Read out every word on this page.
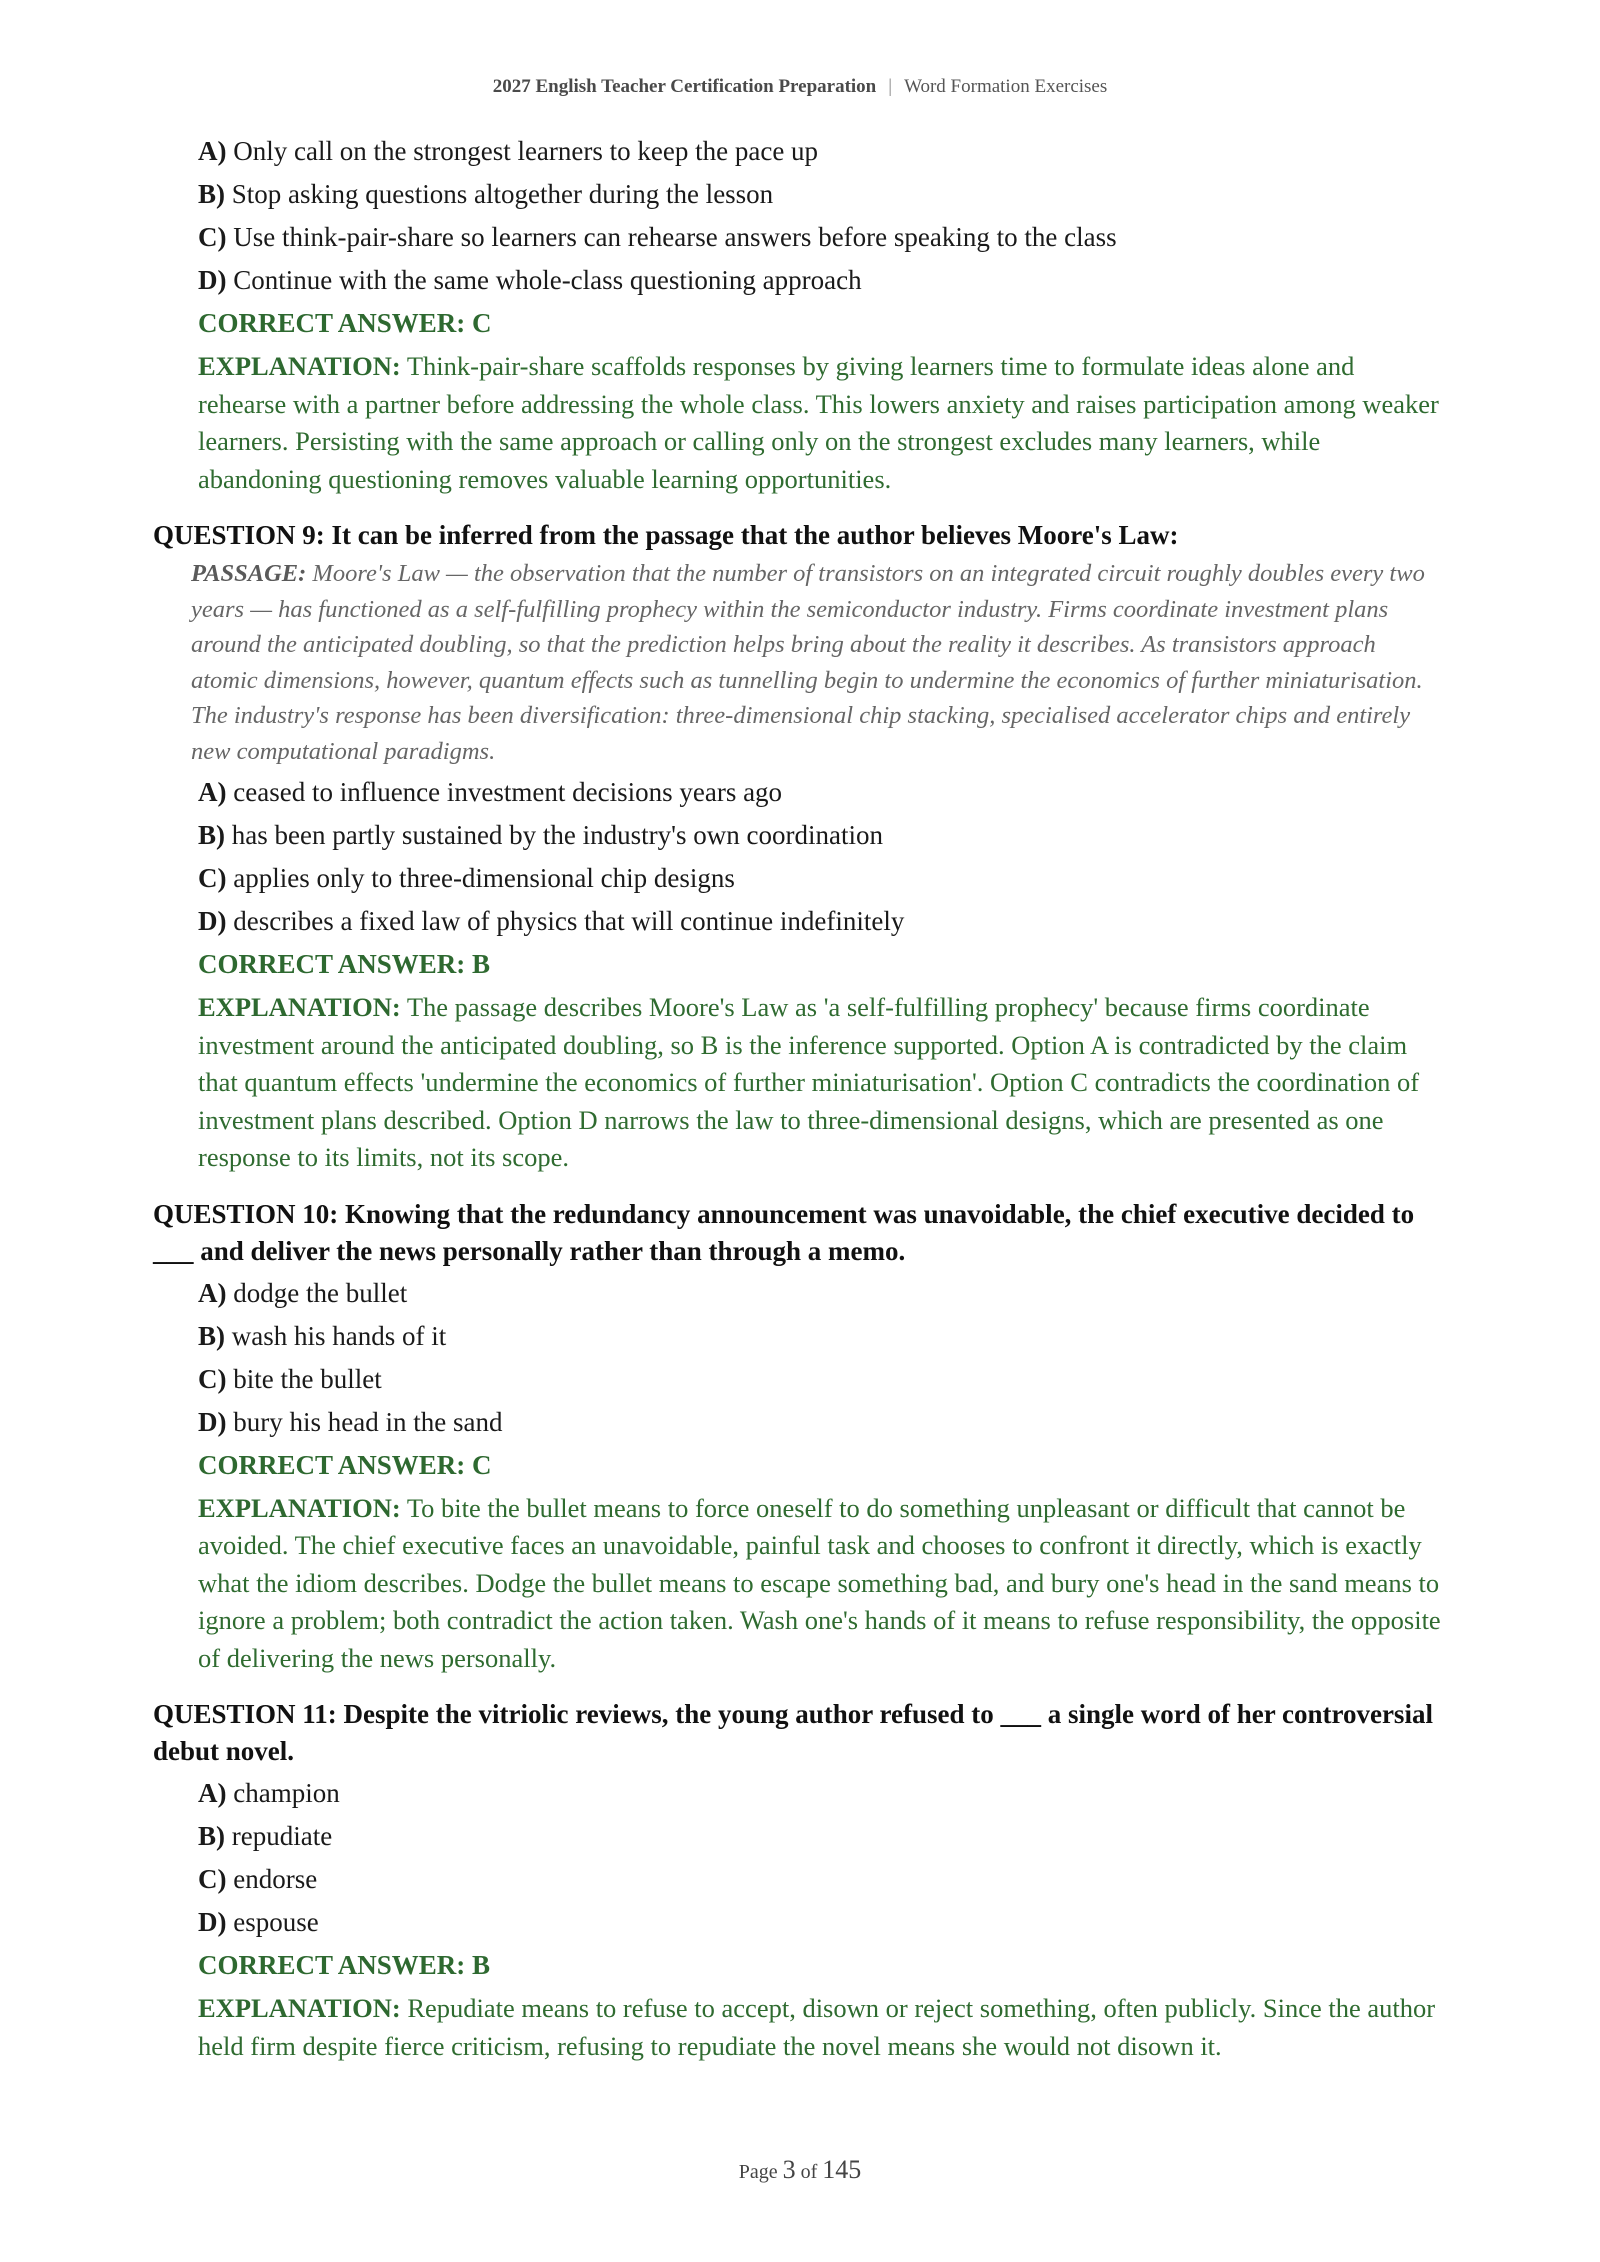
2027 English Teacher Certification Preparation | Word Formation Exercises
A) Only call on the strongest learners to keep the pace up
B) Stop asking questions altogether during the lesson
C) Use think-pair-share so learners can rehearse answers before speaking to the class
D) Continue with the same whole-class questioning approach
CORRECT ANSWER: C
EXPLANATION: Think-pair-share scaffolds responses by giving learners time to formulate ideas alone and rehearse with a partner before addressing the whole class. This lowers anxiety and raises participation among weaker learners. Persisting with the same approach or calling only on the strongest excludes many learners, while abandoning questioning removes valuable learning opportunities.
QUESTION 9: It can be inferred from the passage that the author believes Moore's Law:
PASSAGE: Moore's Law — the observation that the number of transistors on an integrated circuit roughly doubles every two years — has functioned as a self-fulfilling prophecy within the semiconductor industry. Firms coordinate investment plans around the anticipated doubling, so that the prediction helps bring about the reality it describes. As transistors approach atomic dimensions, however, quantum effects such as tunnelling begin to undermine the economics of further miniaturisation. The industry's response has been diversification: three-dimensional chip stacking, specialised accelerator chips and entirely new computational paradigms.
A) ceased to influence investment decisions years ago
B) has been partly sustained by the industry's own coordination
C) applies only to three-dimensional chip designs
D) describes a fixed law of physics that will continue indefinitely
CORRECT ANSWER: B
EXPLANATION: The passage describes Moore's Law as 'a self-fulfilling prophecy' because firms coordinate investment around the anticipated doubling, so B is the inference supported. Option A is contradicted by the claim that quantum effects 'undermine the economics of further miniaturisation'. Option C contradicts the coordination of investment plans described. Option D narrows the law to three-dimensional designs, which are presented as one response to its limits, not its scope.
QUESTION 10: Knowing that the redundancy announcement was unavoidable, the chief executive decided to ___ and deliver the news personally rather than through a memo.
A) dodge the bullet
B) wash his hands of it
C) bite the bullet
D) bury his head in the sand
CORRECT ANSWER: C
EXPLANATION: To bite the bullet means to force oneself to do something unpleasant or difficult that cannot be avoided. The chief executive faces an unavoidable, painful task and chooses to confront it directly, which is exactly what the idiom describes. Dodge the bullet means to escape something bad, and bury one's head in the sand means to ignore a problem; both contradict the action taken. Wash one's hands of it means to refuse responsibility, the opposite of delivering the news personally.
QUESTION 11: Despite the vitriolic reviews, the young author refused to ___ a single word of her controversial debut novel.
A) champion
B) repudiate
C) endorse
D) espouse
CORRECT ANSWER: B
EXPLANATION: Repudiate means to refuse to accept, disown or reject something, often publicly. Since the author held firm despite fierce criticism, refusing to repudiate the novel means she would not disown it.
Page 3 of 145
